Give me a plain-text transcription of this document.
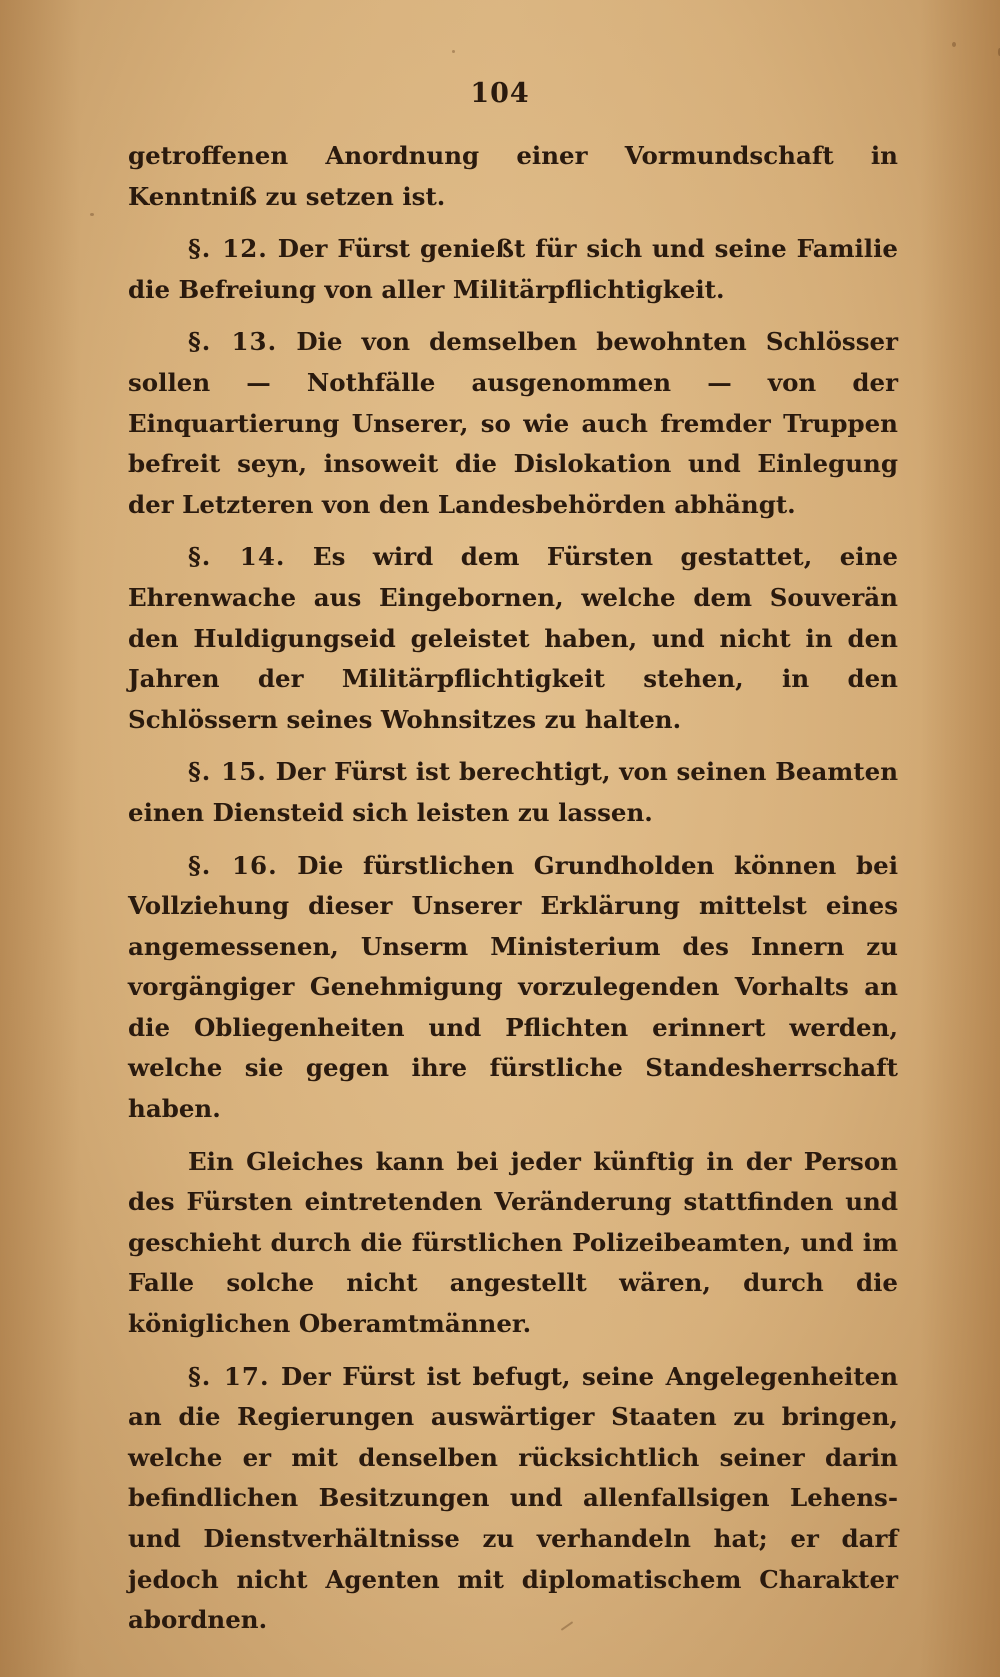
104

getroffenen Anordnung einer Vormundschaft in Kenntniß zu setzen ist.

§. 12. Der Fürst genießt für sich und seine Familie die Befreiung von aller Militärpflichtigkeit.

§. 13. Die von demselben bewohnten Schlösser sollen — Nothfälle ausgenommen — von der Einquartierung Unserer, so wie auch fremder Truppen befreit seyn, insoweit die Dislokation und Einlegung der Letzteren von den Landesbehörden abhängt.

§. 14. Es wird dem Fürsten gestattet, eine Ehrenwache aus Eingebornen, welche dem Souverän den Huldigungseid geleistet haben, und nicht in den Jahren der Militärpflichtigkeit stehen, in den Schlössern seines Wohnsitzes zu halten.

§. 15. Der Fürst ist berechtigt, von seinen Beamten einen Diensteid sich leisten zu lassen.

§. 16. Die fürstlichen Grundholden können bei Vollziehung dieser Unserer Erklärung mittelst eines angemessenen, Unserm Ministerium des Innern zu vorgängiger Genehmigung vorzulegenden Vorhalts an die Obliegenheiten und Pflichten erinnert werden, welche sie gegen ihre fürstliche Standesherrschaft haben.

Ein Gleiches kann bei jeder künftig in der Person des Fürsten eintretenden Veränderung stattfinden und geschieht durch die fürstlichen Polizeibeamten, und im Falle solche nicht angestellt wären, durch die königlichen Oberamtmänner.

§. 17. Der Fürst ist befugt, seine Angelegenheiten an die Regierungen auswärtiger Staaten zu bringen, welche er mit denselben rücksichtlich seiner darin befindlichen Besitzungen und allenfallsigen Lehens- und Dienstverhältnisse zu verhandeln hat; er darf jedoch nicht Agenten mit diplomatischem Charakter abordnen.
